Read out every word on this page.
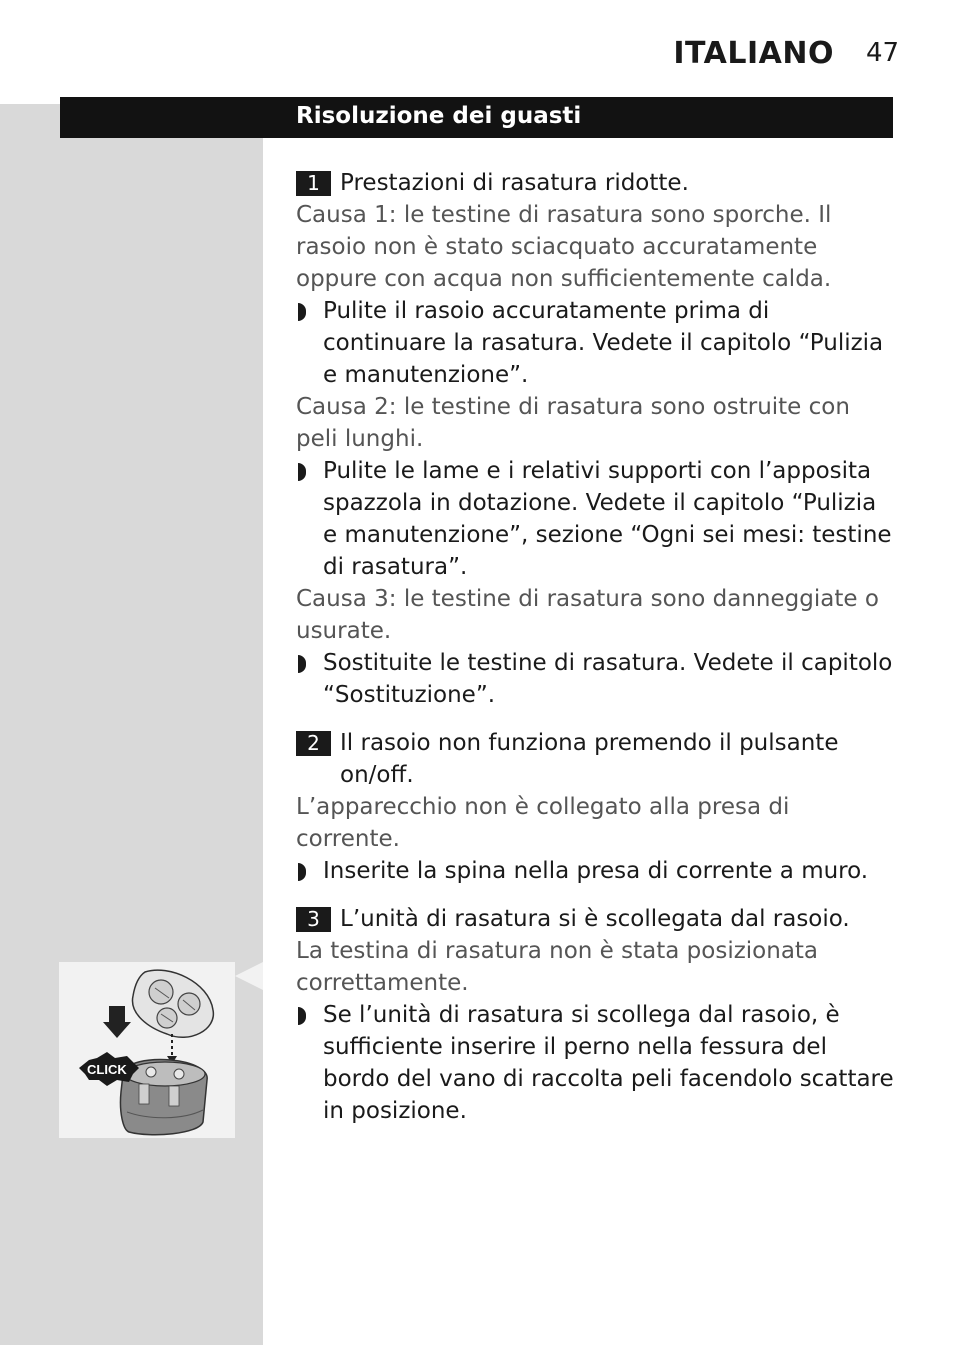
ITALIANO 47
Risoluzione dei guasti
1 Prestazioni di rasatura ridotte.
Causa 1: le testine di rasatura sono sporche. Il rasoio non è stato sciacquato accuratamente oppure con acqua non sufficientemente calda.
Pulite il rasoio accuratamente prima di continuare la rasatura. Vedete il capitolo “Pulizia e manutenzione”.
Causa 2: le testine di rasatura sono ostruite con peli lunghi.
Pulite le lame e i relativi supporti con l’apposita spazzola in dotazione. Vedete il capitolo “Pulizia e manutenzione”, sezione “Ogni sei mesi: testine di rasatura”.
Causa 3: le testine di rasatura sono danneggiate o usurate.
Sostituite le testine di rasatura. Vedete il capitolo “Sostituzione”.
2 Il rasoio non funziona premendo il pulsante on/off.
L’apparecchio non è collegato alla presa di corrente.
Inserite la spina nella presa di corrente a muro.
3 L’unità di rasatura si è scollegata dal rasoio.
La testina di rasatura non è stata posizionata correttamente.
Se l’unità di rasatura si scollega dal rasoio, è sufficiente inserire il perno nella fessura del bordo del vano di raccolta peli facendolo scattare in posizione.
CLICK
